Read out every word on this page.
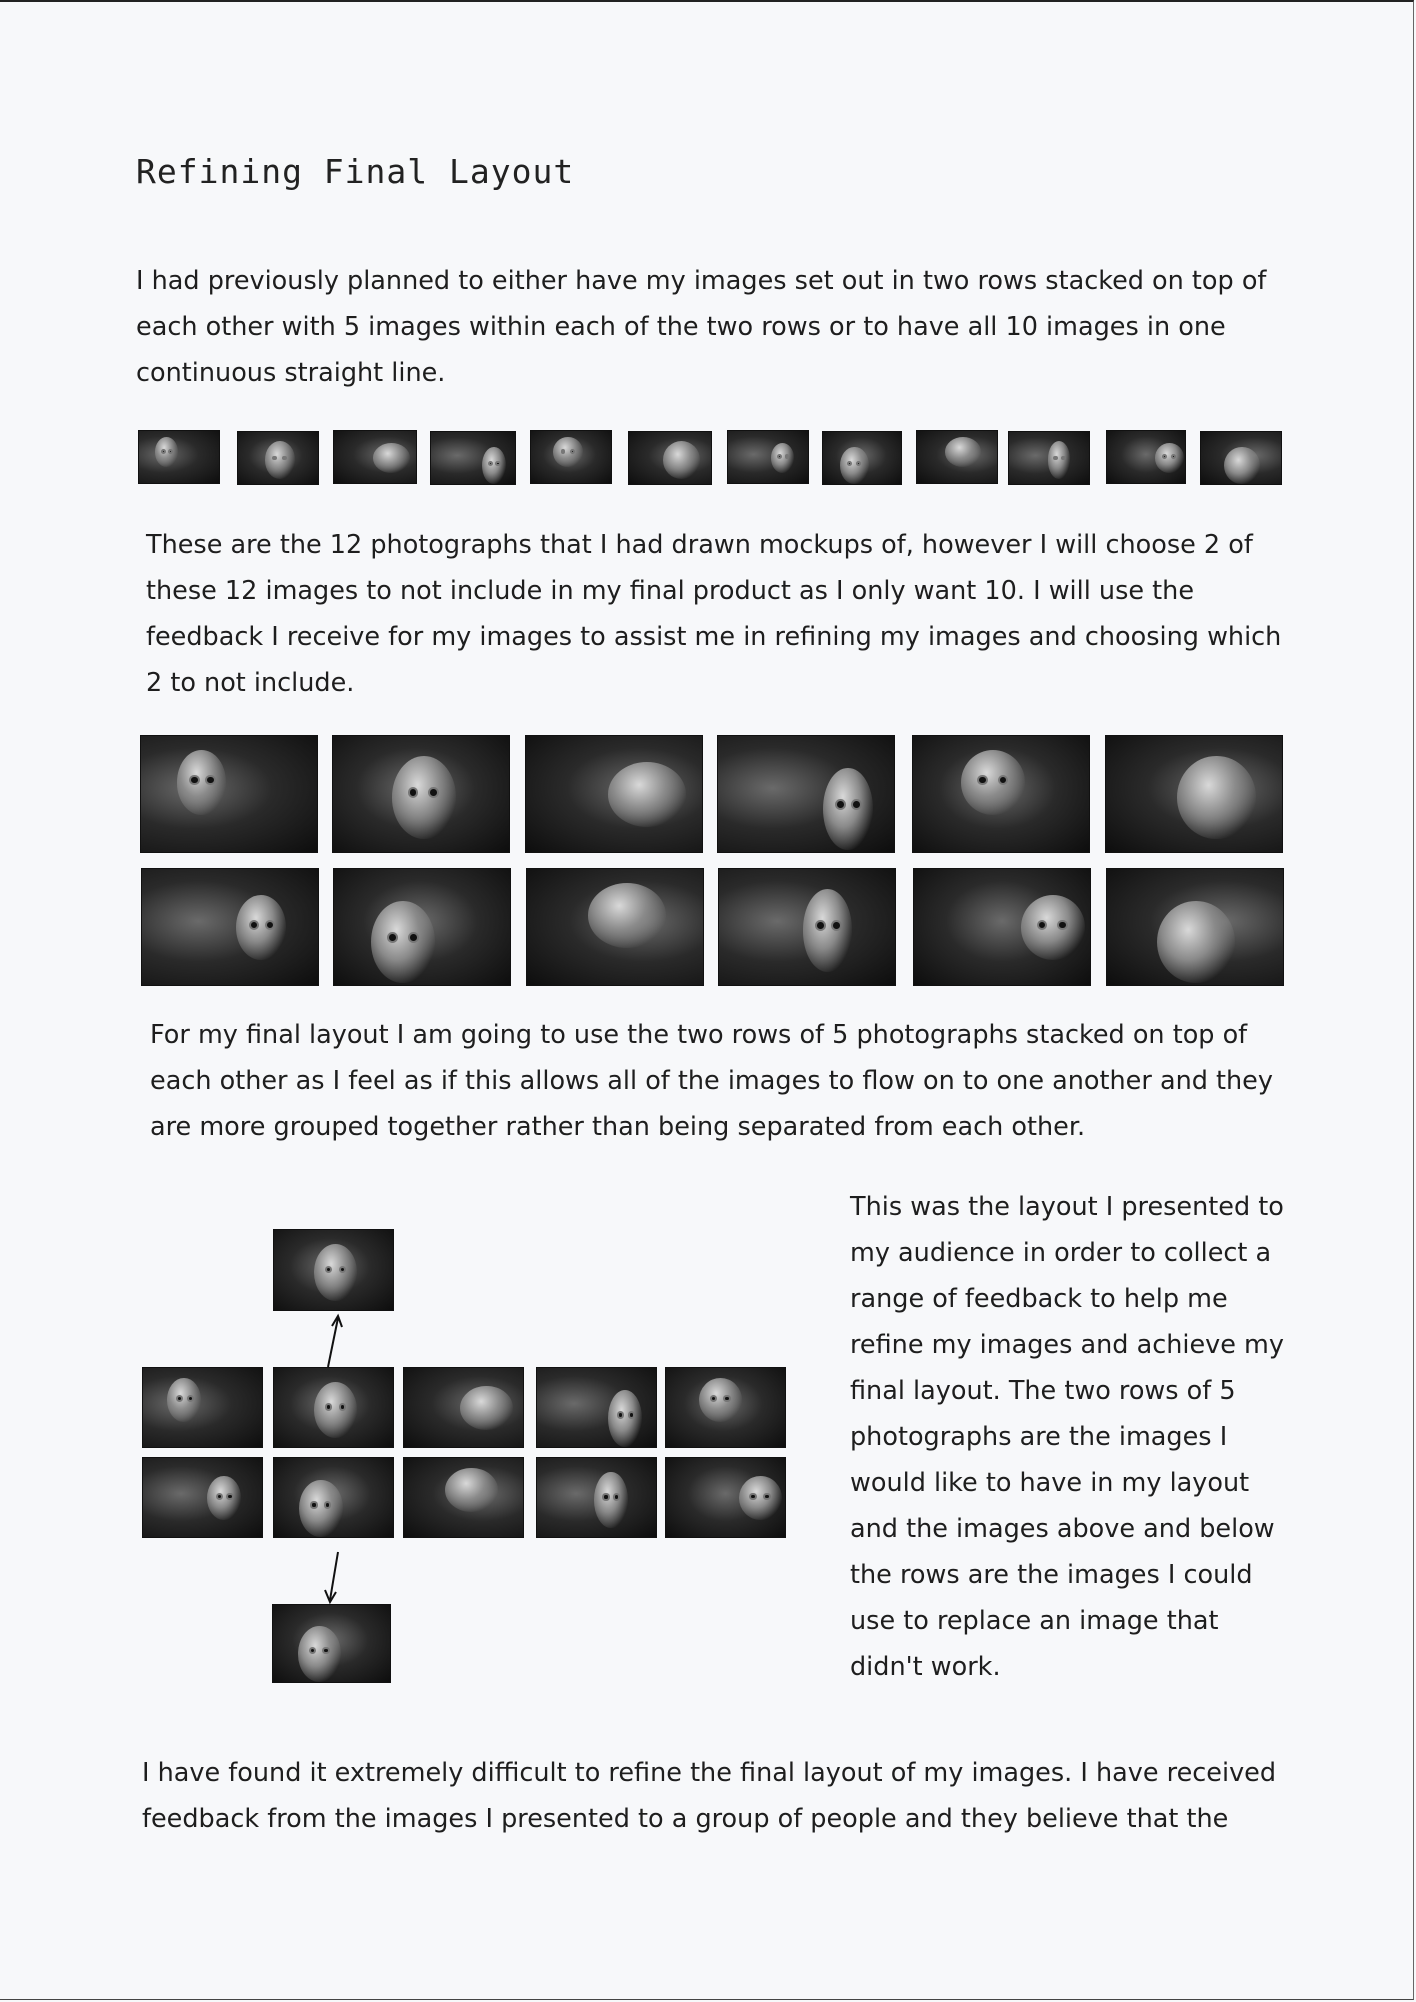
Refining Final Layout
I had previously planned to either have my images set out in two rows stacked on top of each other with 5 images within each of the two rows or to have all 10 images in one continuous straight line.
These are the 12 photographs that I had drawn mockups of, however I will choose 2 of these 12 images to not include in my final product as I only want 10. I will use the feedback I receive for my images to assist me in refining my images and choosing which 2 to not include.
For my final layout I am going to use the two rows of 5 photographs stacked on top of each other as I feel as if this allows all of the images to flow on to one another and they are more grouped together rather than being separated from each other.
This was the layout I presented to my audience in order to collect a range of feedback to help me refine my images and achieve my final layout. The two rows of 5 photographs are the images I would like to have in my layout and the images above and below the rows are the images I could use to replace an image that didn't work.
I have found it extremely difficult to refine the final layout of my images. I have received feedback from the images I presented to a group of people and they believe that the
